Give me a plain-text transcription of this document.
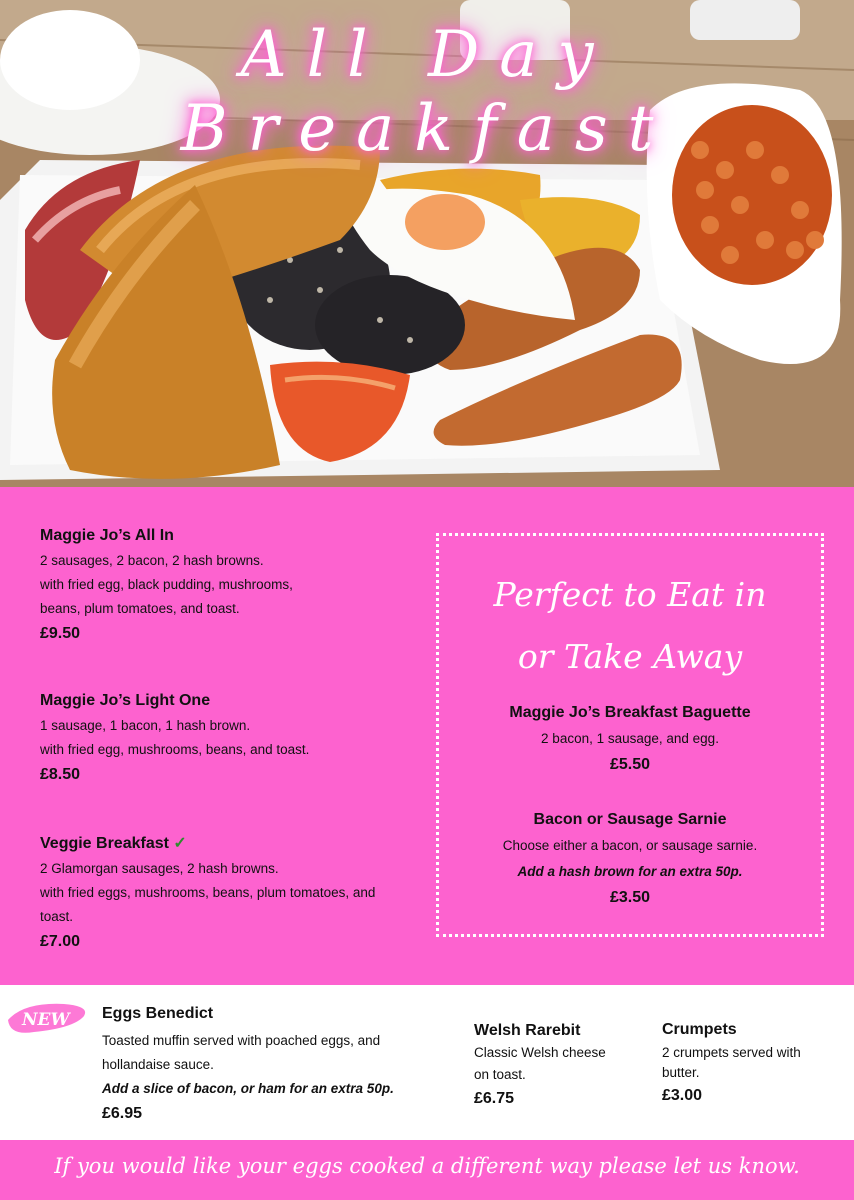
All Day Breakfast
Maggie Jo’s All In

2 sausages, 2 bacon, 2 hash browns.

with fried egg, black pudding, mushrooms,

beans, plum tomatoes, and toast.

£9.50
Maggie Jo’s Light One

1 sausage, 1 bacon, 1 hash brown.

with fried egg, mushrooms, beans, and toast.

£8.50
Veggie Breakfast ✓

2 Glamorgan sausages, 2 hash browns.

with fried eggs, mushrooms, beans, plum tomatoes, and

toast.

£7.00
Perfect to Eat in
or Take Away
Maggie Jo’s Breakfast Baguette

2 bacon, 1 sausage, and egg.

£5.50
Bacon or Sausage Sarnie

Choose either a bacon, or sausage sarnie.

Add a hash brown for an extra 50p.

£3.50
NEW Eggs Benedict

Toasted muffin served with poached eggs, and

hollandaise sauce.

Add a slice of bacon, or ham for an extra 50p.

£6.95
Welsh Rarebit

Classic Welsh cheese

on toast.

£6.75
Crumpets

2 crumpets served with

butter.

£3.00
If you would like your eggs cooked a different way please let us know.
